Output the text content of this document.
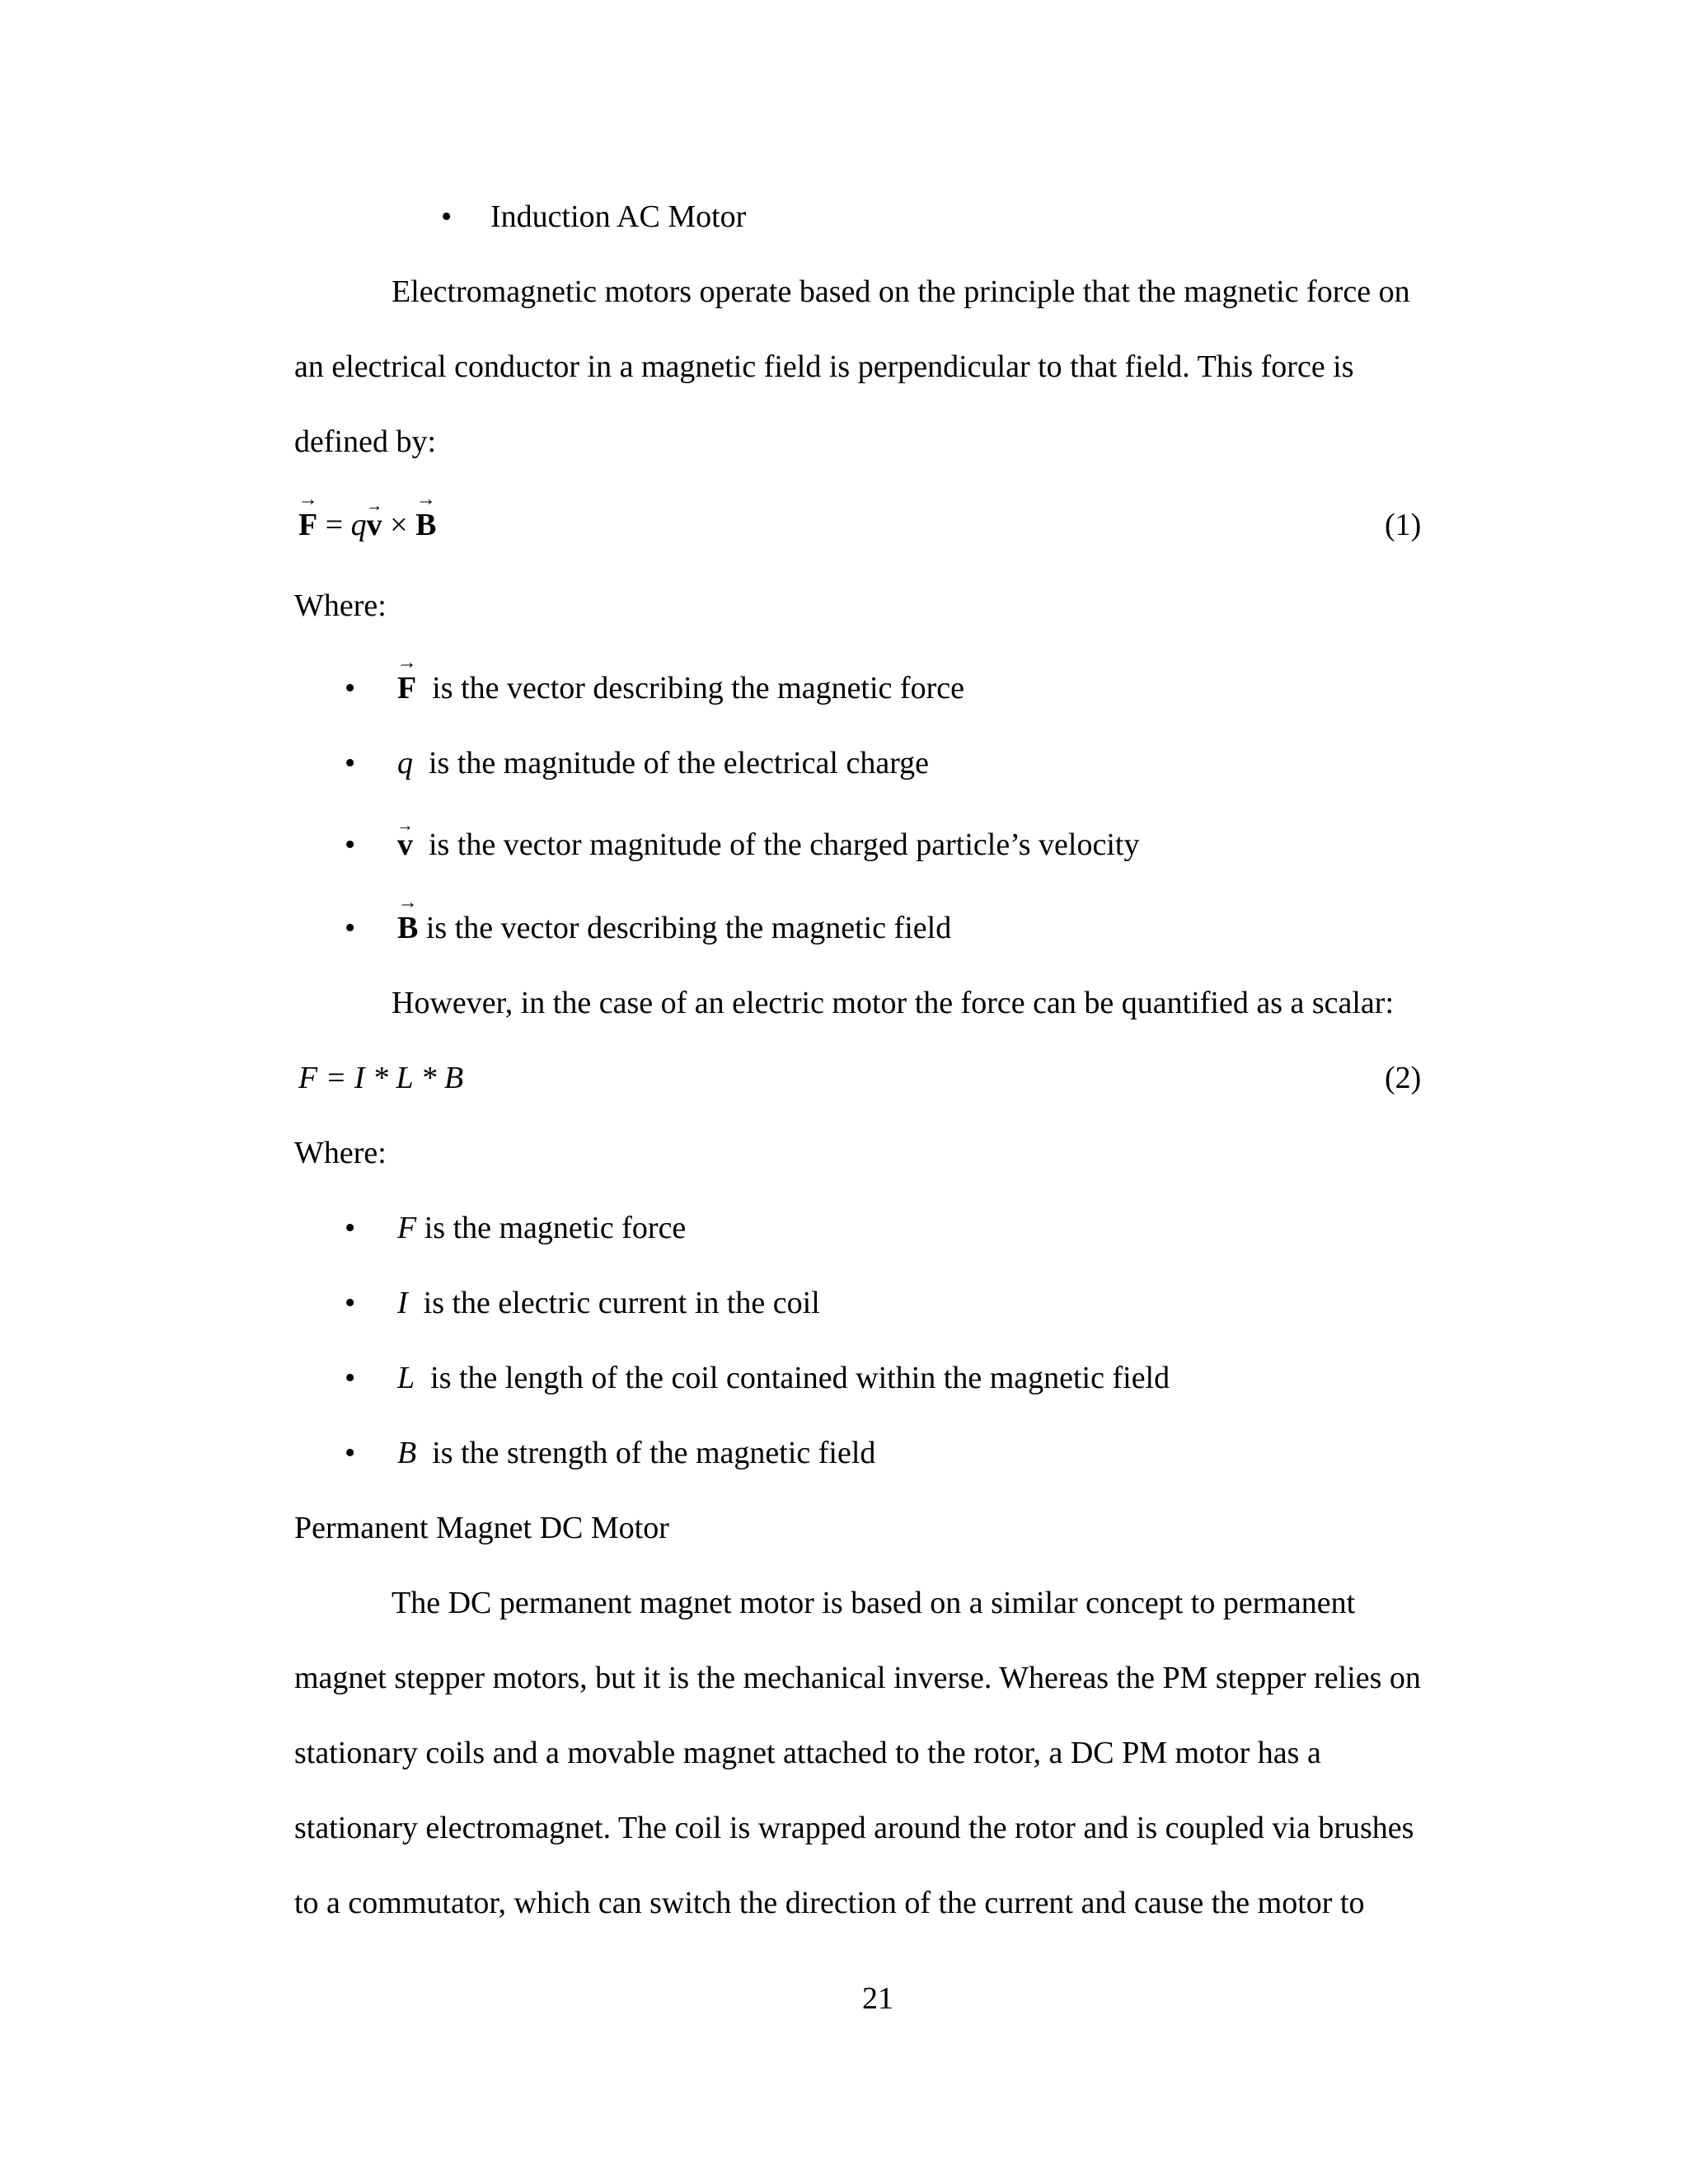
• Induction AC Motor
Electromagnetic motors operate based on the principle that the magnetic force on
an electrical conductor in a magnetic field is perpendicular to that field. This force is
defined by:
→ F = q→ v × → B	(1)
Where:
• → F is the vector describing the magnetic force
• q is the magnitude of the electrical charge
• → v is the vector magnitude of the charged particle’s velocity
• → B is the vector describing the magnetic field
However, in the case of an electric motor the force can be quantified as a scalar:
F = I * L * B	(2)
Where:
• F is the magnetic force
• I is the electric current in the coil
• L is the length of the coil contained within the magnetic field
• B is the strength of the magnetic field
Permanent Magnet DC Motor
The DC permanent magnet motor is based on a similar concept to permanent
magnet stepper motors, but it is the mechanical inverse. Whereas the PM stepper relies on
stationary coils and a movable magnet attached to the rotor, a DC PM motor has a
stationary electromagnet. The coil is wrapped around the rotor and is coupled via brushes
to a commutator, which can switch the direction of the current and cause the motor to
21
